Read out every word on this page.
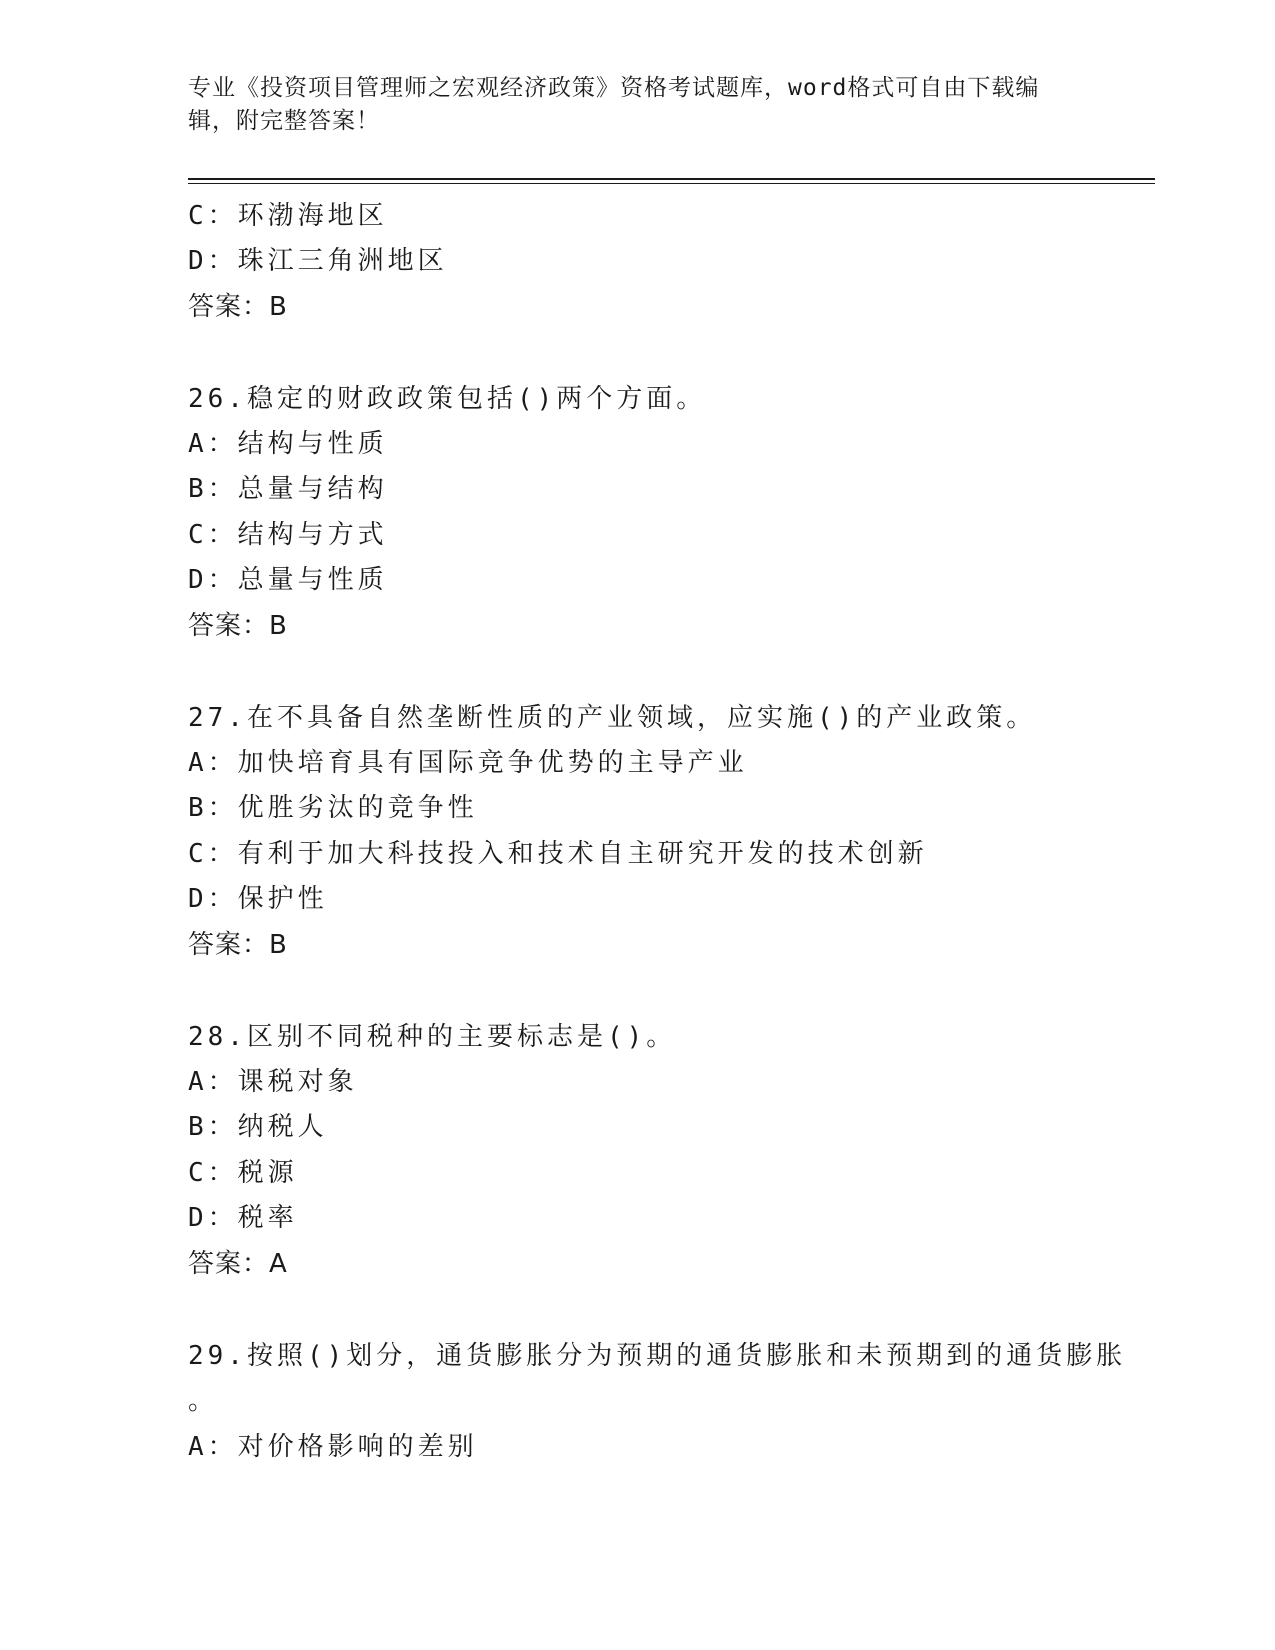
专业《投资项目管理师之宏观经济政策》资格考试题库，word格式可自由下载编辑，附完整答案！
C：环渤海地区
D：珠江三角洲地区
答案：B
26.稳定的财政政策包括()两个方面。
A：结构与性质
B：总量与结构
C：结构与方式
D：总量与性质
答案：B
27.在不具备自然垄断性质的产业领域，应实施()的产业政策。
A：加快培育具有国际竞争优势的主导产业
B：优胜劣汰的竞争性
C：有利于加大科技投入和技术自主研究开发的技术创新
D：保护性
答案：B
28.区别不同税种的主要标志是()。
A：课税对象
B：纳税人
C：税源
D：税率
答案：A
29.按照()划分，通货膨胀分为预期的通货膨胀和未预期到的通货膨胀
。
A：对价格影响的差别
